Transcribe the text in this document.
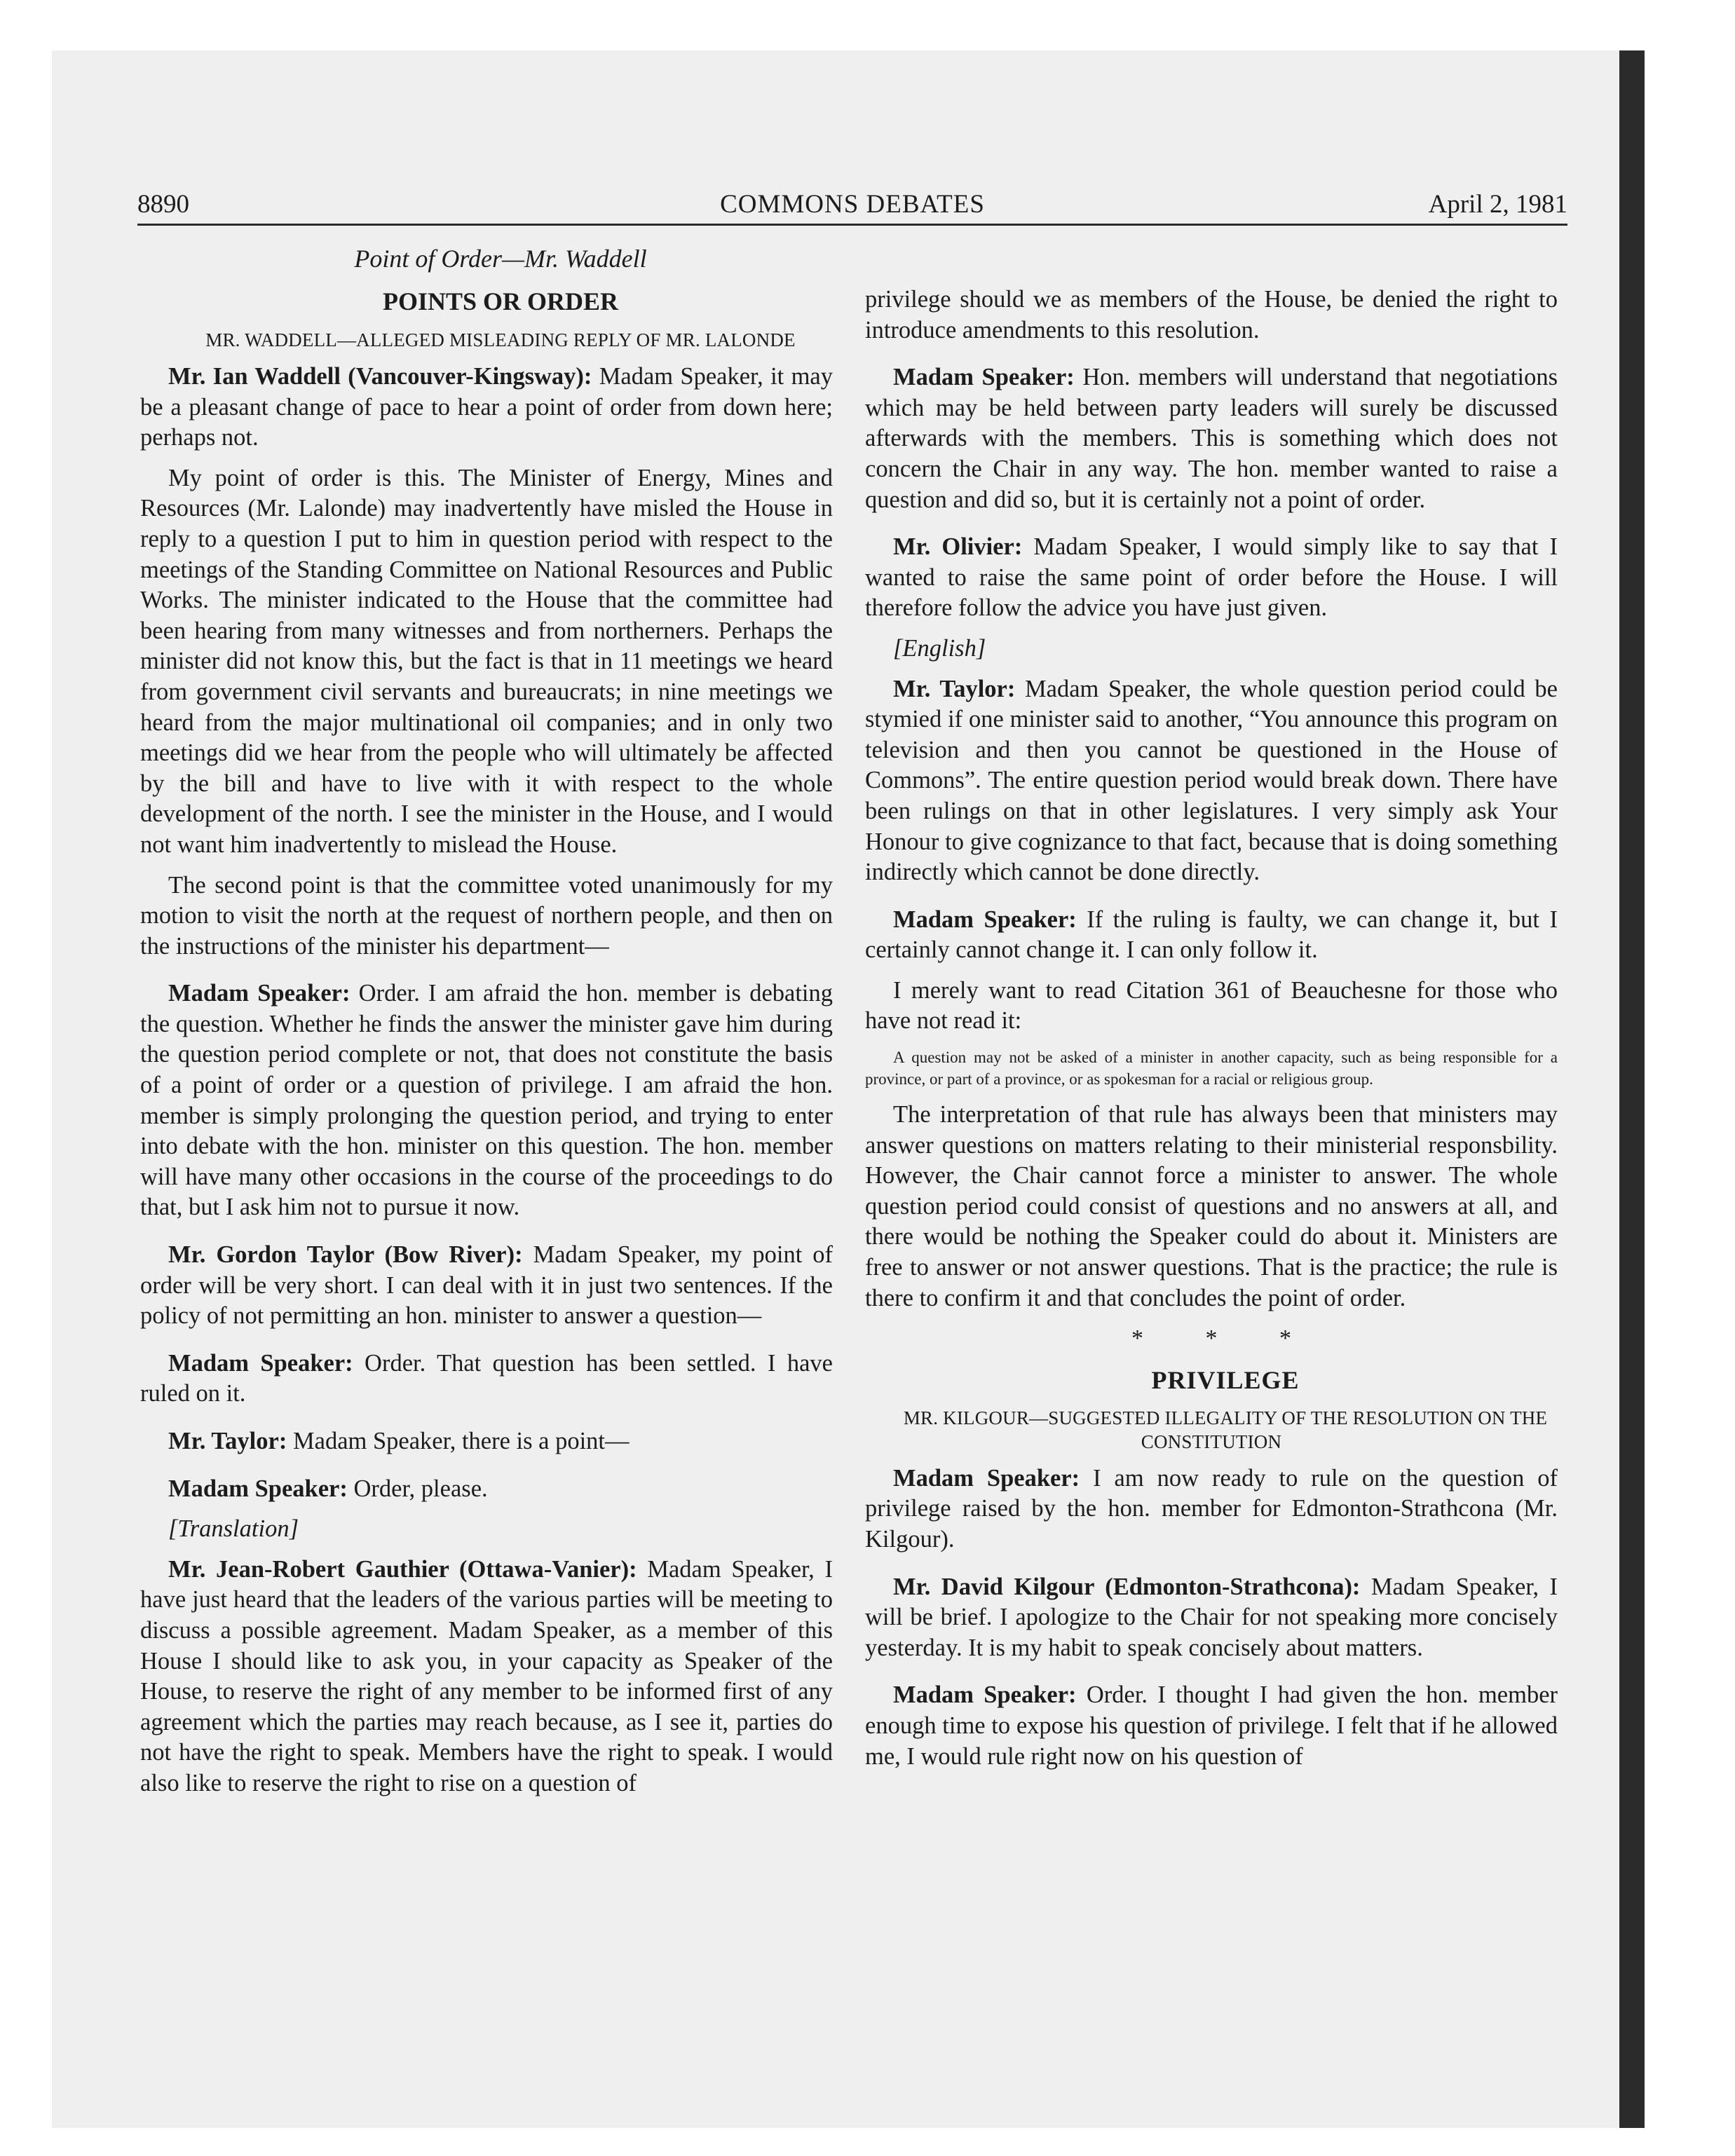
8890	COMMONS DEBATES	April 2, 1981

Point of Order—Mr. Waddell

POINTS OR ORDER

MR. WADDELL—ALLEGED MISLEADING REPLY OF MR. LALONDE

Mr. Ian Waddell (Vancouver-Kingsway): Madam Speaker, it may be a pleasant change of pace to hear a point of order from down here; perhaps not.

My point of order is this. The Minister of Energy, Mines and Resources (Mr. Lalonde) may inadvertently have misled the House in reply to a question I put to him in question period with respect to the meetings of the Standing Committee on National Resources and Public Works. The minister indicated to the House that the committee had been hearing from many witnesses and from northerners. Perhaps the minister did not know this, but the fact is that in 11 meetings we heard from government civil servants and bureaucrats; in nine meetings we heard from the major multinational oil companies; and in only two meetings did we hear from the people who will ultimately be affected by the bill and have to live with it with respect to the whole development of the north. I see the minister in the House, and I would not want him inadvertently to mislead the House.

The second point is that the committee voted unanimously for my motion to visit the north at the request of northern people, and then on the instructions of the minister his department—

Madam Speaker: Order. I am afraid the hon. member is debating the question. Whether he finds the answer the minister gave him during the question period complete or not, that does not constitute the basis of a point of order or a question of privilege. I am afraid the hon. member is simply prolonging the question period, and trying to enter into debate with the hon. minister on this question. The hon. member will have many other occasions in the course of the proceedings to do that, but I ask him not to pursue it now.

Mr. Gordon Taylor (Bow River): Madam Speaker, my point of order will be very short. I can deal with it in just two sentences. If the policy of not permitting an hon. minister to answer a question—

Madam Speaker: Order. That question has been settled. I have ruled on it.

Mr. Taylor: Madam Speaker, there is a point—

Madam Speaker: Order, please.

[Translation]

Mr. Jean-Robert Gauthier (Ottawa-Vanier): Madam Speaker, I have just heard that the leaders of the various parties will be meeting to discuss a possible agreement. Madam Speaker, as a member of this House I should like to ask you, in your capacity as Speaker of the House, to reserve the right of any member to be informed first of any agreement which the parties may reach because, as I see it, parties do not have the right to speak. Members have the right to speak. I would also like to reserve the right to rise on a question of

privilege should we as members of the House, be denied the right to introduce amendments to this resolution.

Madam Speaker: Hon. members will understand that negotiations which may be held between party leaders will surely be discussed afterwards with the members. This is something which does not concern the Chair in any way. The hon. member wanted to raise a question and did so, but it is certainly not a point of order.

Mr. Olivier: Madam Speaker, I would simply like to say that I wanted to raise the same point of order before the House. I will therefore follow the advice you have just given.

[English]

Mr. Taylor: Madam Speaker, the whole question period could be stymied if one minister said to another, “You announce this program on television and then you cannot be questioned in the House of Commons”. The entire question period would break down. There have been rulings on that in other legislatures. I very simply ask Your Honour to give cognizance to that fact, because that is doing something indirectly which cannot be done directly.

Madam Speaker: If the ruling is faulty, we can change it, but I certainly cannot change it. I can only follow it.

I merely want to read Citation 361 of Beauchesne for those who have not read it:

A question may not be asked of a minister in another capacity, such as being responsible for a province, or part of a province, or as spokesman for a racial or religious group.

The interpretation of that rule has always been that ministers may answer questions on matters relating to their ministerial responsbility. However, the Chair cannot force a minister to answer. The whole question period could consist of questions and no answers at all, and there would be nothing the Speaker could do about it. Ministers are free to answer or not answer questions. That is the practice; the rule is there to confirm it and that concludes the point of order.

* * *

PRIVILEGE

MR. KILGOUR—SUGGESTED ILLEGALITY OF THE RESOLUTION ON THE CONSTITUTION

Madam Speaker: I am now ready to rule on the question of privilege raised by the hon. member for Edmonton-Strathcona (Mr. Kilgour).

Mr. David Kilgour (Edmonton-Strathcona): Madam Speaker, I will be brief. I apologize to the Chair for not speaking more concisely yesterday. It is my habit to speak concisely about matters.

Madam Speaker: Order. I thought I had given the hon. member enough time to expose his question of privilege. I felt that if he allowed me, I would rule right now on his question of
